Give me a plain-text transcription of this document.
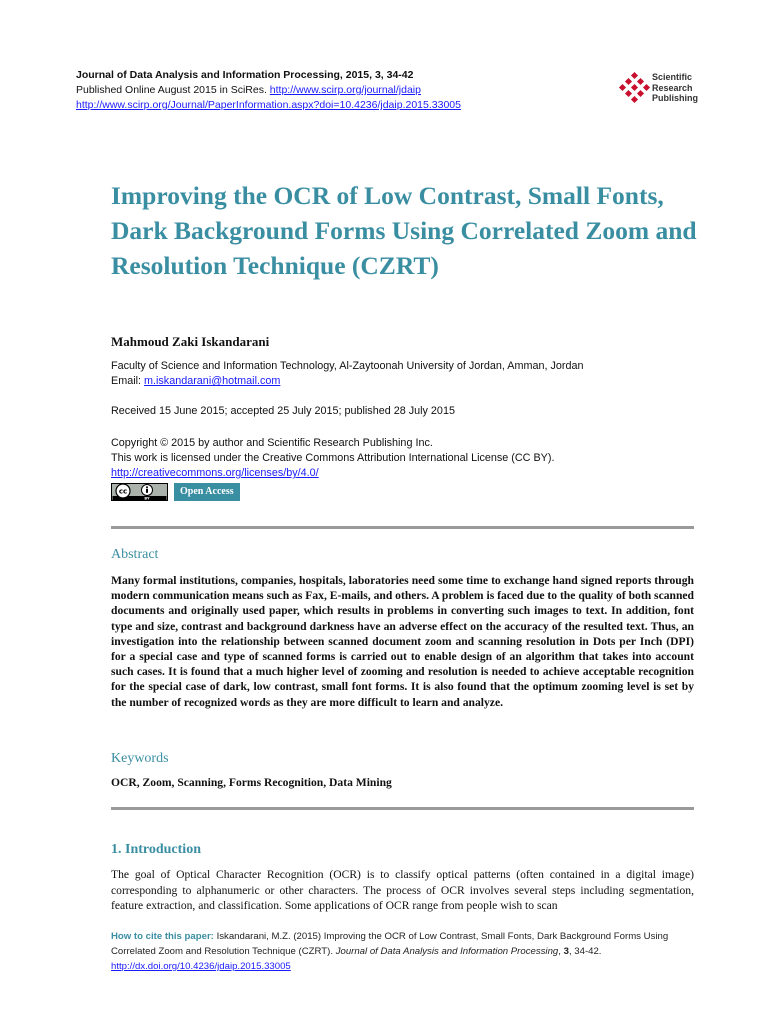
Journal of Data Analysis and Information Processing, 2015, 3, 34-42
Published Online August 2015 in SciRes. http://www.scirp.org/journal/jdaip
http://www.scirp.org/Journal/PaperInformation.aspx?doi=10.4236/jdaip.2015.33005
Scientific
Research
Publishing
Improving the OCR of Low Contrast, Small Fonts, Dark Background Forms Using Correlated Zoom and Resolution Technique (CZRT)
Mahmoud Zaki Iskandarani
Faculty of Science and Information Technology, Al-Zaytoonah University of Jordan, Amman, Jordan
Email: m.iskandarani@hotmail.com
Received 15 June 2015; accepted 25 July 2015; published 28 July 2015
Copyright © 2015 by author and Scientific Research Publishing Inc.
This work is licensed under the Creative Commons Attribution International License (CC BY).
http://creativecommons.org/licenses/by/4.0/
cc
BY
Open Access
Abstract
Many formal institutions, companies, hospitals, laboratories need some time to exchange hand signed reports through modern communication means such as Fax, E-mails, and others. A problem is faced due to the quality of both scanned documents and originally used paper, which results in problems in converting such images to text. In addition, font type and size, contrast and background darkness have an adverse effect on the accuracy of the resulted text. Thus, an investigation into the relationship between scanned document zoom and scanning resolution in Dots per Inch (DPI) for a special case and type of scanned forms is carried out to enable design of an algorithm that takes into account such cases. It is found that a much higher level of zooming and resolution is needed to achieve acceptable recognition for the special case of dark, low contrast, small font forms. It is also found that the optimum zooming level is set by the number of recognized words as they are more difficult to learn and analyze.
Keywords
OCR, Zoom, Scanning, Forms Recognition, Data Mining
1. Introduction
The goal of Optical Character Recognition (OCR) is to classify optical patterns (often contained in a digital image) corresponding to alphanumeric or other characters. The process of OCR involves several steps including segmentation, feature extraction, and classification. Some applications of OCR range from people wish to scan
How to cite this paper: Iskandarani, M.Z. (2015) Improving the OCR of Low Contrast, Small Fonts, Dark Background Forms Using Correlated Zoom and Resolution Technique (CZRT). Journal of Data Analysis and Information Processing, 3, 34-42.
http://dx.doi.org/10.4236/jdaip.2015.33005
